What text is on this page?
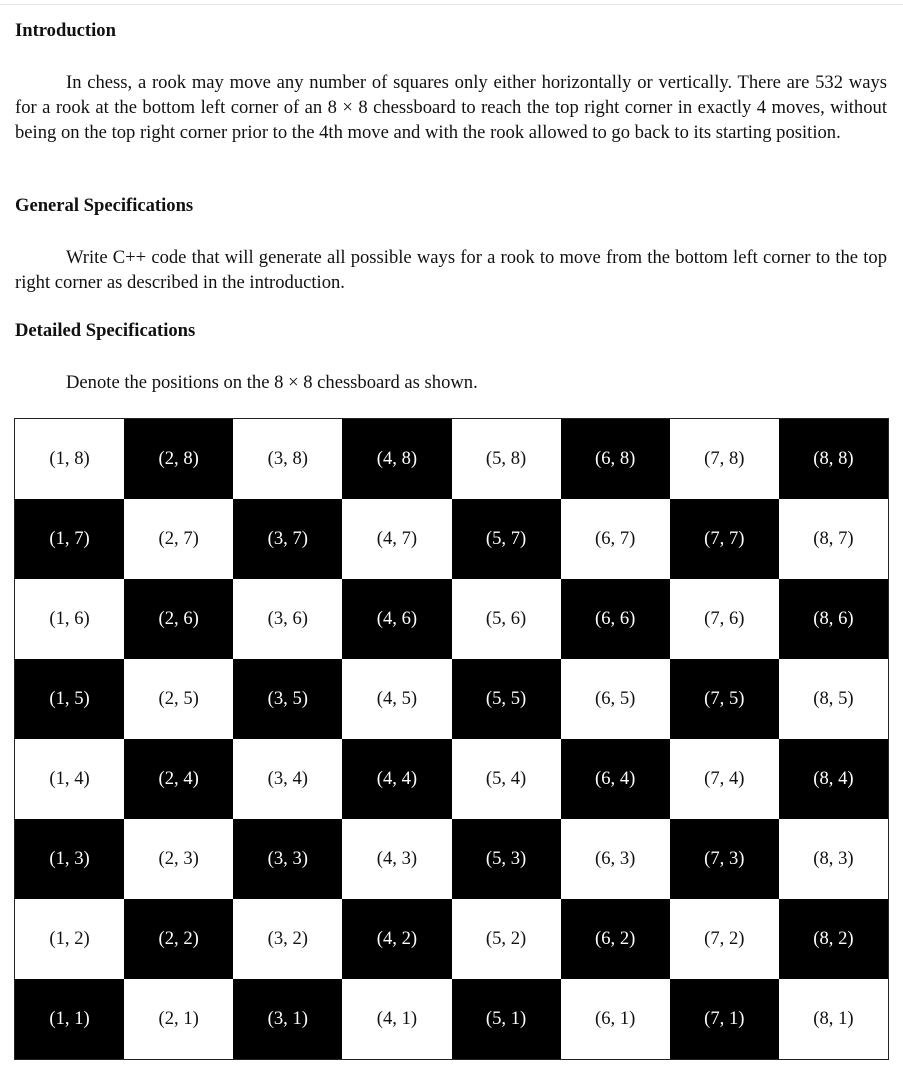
Introduction
In chess, a rook may move any number of squares only either horizontally or vertically. There are 532 ways for a rook at the bottom left corner of an 8 × 8 chessboard to reach the top right corner in exactly 4 moves, without being on the top right corner prior to the 4th move and with the rook allowed to go back to its starting position.
General Specifications
Write C++ code that will generate all possible ways for a rook to move from the bottom left corner to the top right corner as described in the introduction.
Detailed Specifications
Denote the positions on the 8 × 8 chessboard as shown.
(1, 8)	(2, 8)	(3, 8)	(4, 8)	(5, 8)	(6, 8)	(7, 8)	(8, 8)
(1, 7)	(2, 7)	(3, 7)	(4, 7)	(5, 7)	(6, 7)	(7, 7)	(8, 7)
(1, 6)	(2, 6)	(3, 6)	(4, 6)	(5, 6)	(6, 6)	(7, 6)	(8, 6)
(1, 5)	(2, 5)	(3, 5)	(4, 5)	(5, 5)	(6, 5)	(7, 5)	(8, 5)
(1, 4)	(2, 4)	(3, 4)	(4, 4)	(5, 4)	(6, 4)	(7, 4)	(8, 4)
(1, 3)	(2, 3)	(3, 3)	(4, 3)	(5, 3)	(6, 3)	(7, 3)	(8, 3)
(1, 2)	(2, 2)	(3, 2)	(4, 2)	(5, 2)	(6, 2)	(7, 2)	(8, 2)
(1, 1)	(2, 1)	(3, 1)	(4, 1)	(5, 1)	(6, 1)	(7, 1)	(8, 1)
